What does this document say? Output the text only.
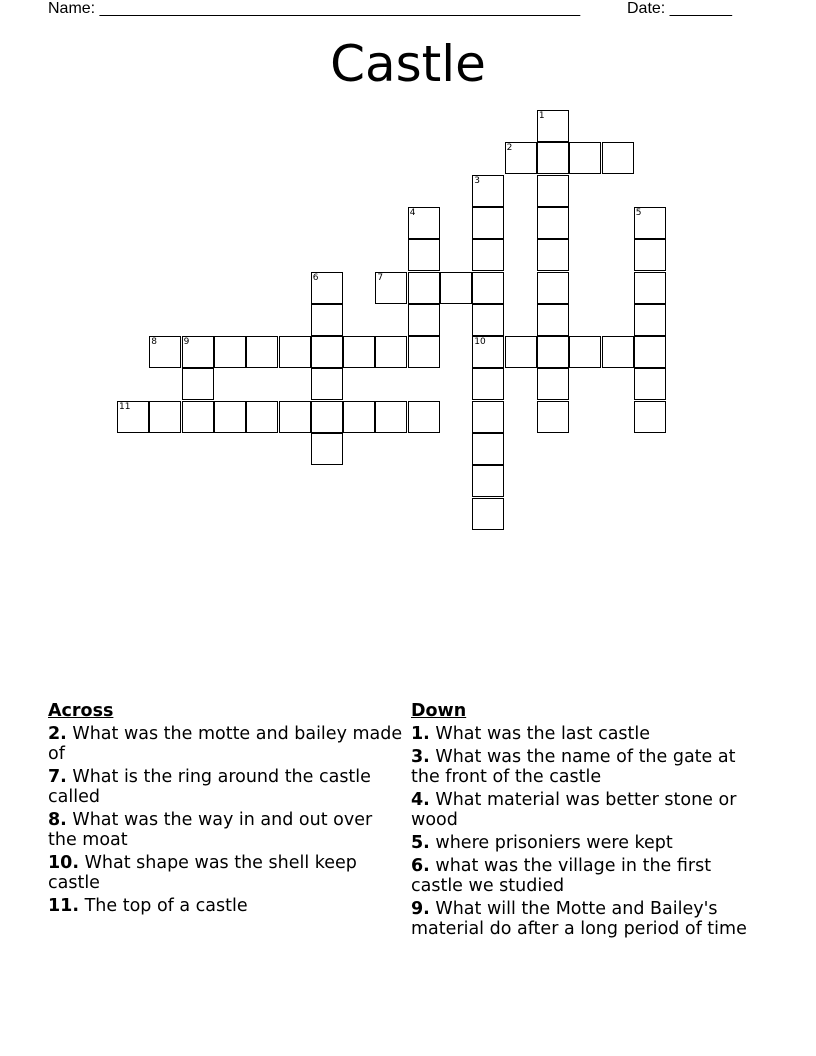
Name: ______________________________________________________	Date: _______
Castle
1
2
3
4	5
6	7
8	9	10
11
Across
2. What was the motte and bailey made of
7. What is the ring around the castle called
8. What was the way in and out over the moat
10. What shape was the shell keep castle
11. The top of a castle
Down
1. What was the last castle
3. What was the name of the gate at the front of the castle
4. What material was better stone or wood
5. where prisoniers were kept
6. what was the village in the first castle we studied
9. What will the Motte and Bailey's material do after a long period of time
